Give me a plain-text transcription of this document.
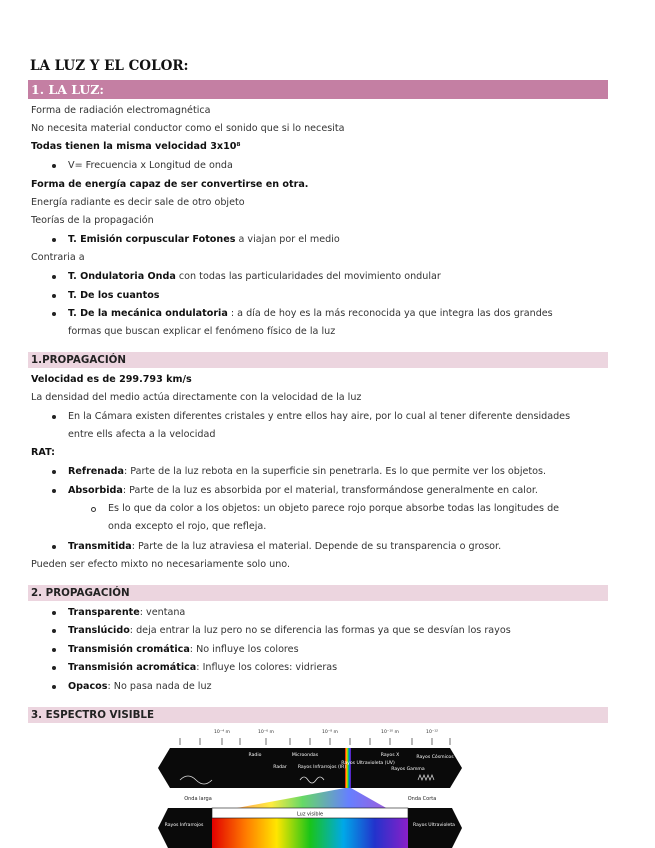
LA LUZ Y EL COLOR:
1. LA LUZ:
Forma de radiación electromagnética
No necesita material conductor como el sonido que si lo necesita
Todas tienen la misma velocidad 3x10⁸
V= Frecuencia x Longitud de onda
Forma de energía capaz de ser convertirse en otra.
Energía radiante es decir sale de otro objeto
Teorías de la propagación
T. Emisión corpuscular Fotones a viajan por el medio
Contraria a
T. Ondulatoria Onda con todas las particularidades del movimiento ondular
T. De los cuantos
T. De la mecánica ondulatoria : a día de hoy es la más reconocida ya que integra las dos grandes
formas que buscan explicar el fenómeno físico de la luz
1.PROPAGACIÓN
Velocidad es de 299.793 km/s
La densidad del medio actúa directamente con la velocidad de la luz
En la Cámara existen diferentes cristales y entre ellos hay aire, por lo cual al tener diferente densidades
entre ells afecta a la velocidad
RAT:
Refrenada: Parte de la luz rebota en la superficie sin penetrarla. Es lo que permite ver los objetos.
Absorbida: Parte de la luz es absorbida por el material, transformándose generalmente en calor.
Es lo que da color a los objetos: un objeto parece rojo porque absorbe todas las longitudes de
onda excepto el rojo, que refleja.
Transmitida: Parte de la luz atraviesa el material. Depende de su transparencia o grosor.
Pueden ser efecto mixto no necesariamente solo uno.
2. PROPAGACIÓN
Transparente: ventana
Translúcido: deja entrar la luz pero no se diferencia las formas ya que se desvían los rayos
Transmisión cromática: No influye los colores
Transmisión acromática: Influye los colores: vidrieras
Opacos: No pasa nada de luz
3. ESPECTRO VISIBLE
10⁻⁴ m	10⁻⁶ m	10⁻⁸ m	10⁻¹⁰ m	10⁻¹²
Radio
Radar
Microondas
Rayos Infrarrojos (IR)
Rayos Ultravioleta (UV)
Rayos X
Rayos Gamma
Rayos Cósmicos
Onda larga	Onda Corta
Luz visible
Rayos Infrarrojos	Rayos Ultravioleta
